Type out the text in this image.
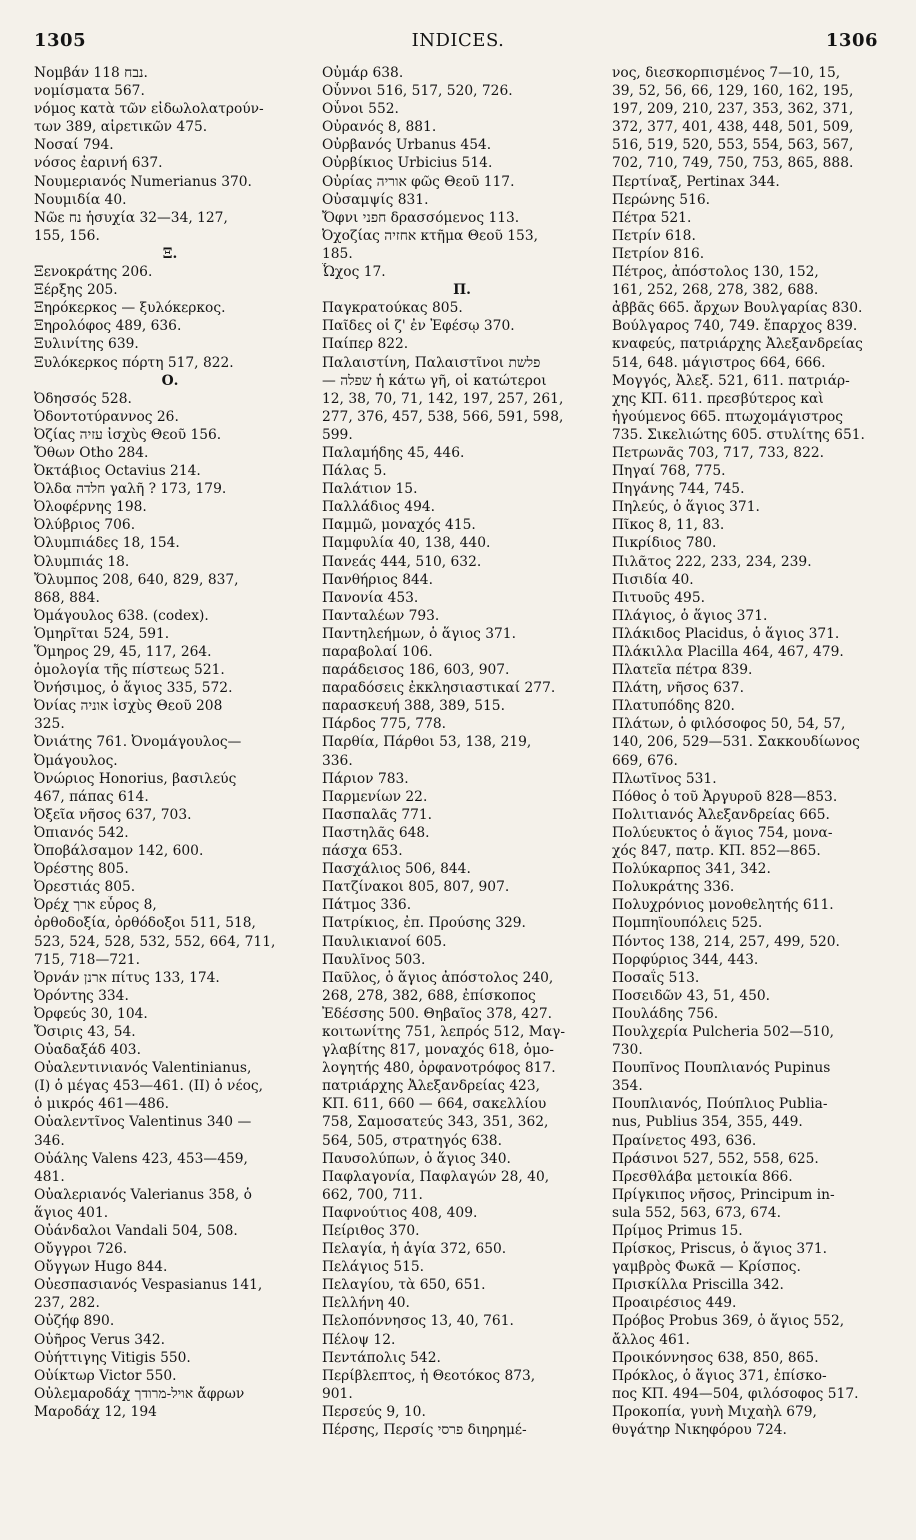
1305	INDICES.	1306
Νομβάν נבח 118.
νομίσματα 567.
νόμος κατὰ τῶν εἰδωλολατρούν-
των 389, αἱρετικῶν 475.
Νοσαί 794.
νόσος ἐαρινή 637.
Νουμεριανός Numerianus 370.
Νουμιδία 40.
Νῶε נח ἡσυχία 32—34, 127,
155, 156.
Ξ.
Ξενοκράτης 206.
Ξέρξης 205.
Ξηρόκερκος — ξυλόκερκος.
Ξηρολόφος 489, 636.
Ξυλινίτης 639.
Ξυλόκερκος πόρτη 517, 822.
Ο.
Ὀδησσός 528.
Ὀδοντοτύραννος 26.
Ὀζίας עזיה ἰσχὺς Θεοῦ 156.
Ὄθων Otho 284.
Ὀκτάβιος Octavius 214.
Ὀλδα חלדה γαλῆ ? 173, 179.
Ὀλοφέρνης 198.
Ὀλύβριος 706.
Ὀλυμπιάδες 18, 154.
Ὀλυμπιάς 18.
Ὄλυμπος 208, 640, 829, 837,
868, 884.
Ὀμάγουλος 638. (codex).
Ὁμηρῖται 524, 591.
Ὅμηρος 29, 45, 117, 264.
ὁμολογία τῆς πίστεως 521.
Ὀνήσιμος, ὁ ἅγιος 335, 572.
Ὀνίας אוניה ἰσχὺς Θεοῦ 208
325.
Ὀνιάτης 761. Ὀνομάγουλος—
Ὀμάγουλος.
Ὀνώριος Honorius, βασιλεύς
467, πάπας 614.
Ὀξεῖα νῆσος 637, 703.
Ὀπιανός 542.
Ὀποβάλσαμον 142, 600.
Ὀρέστης 805.
Ὀρεστιάς 805.
Ὀρέχ ארך εὖρος 8,
ὀρθοδοξία, ὀρθόδοξοι 511, 518,
523, 524, 528, 532, 552, 664, 711,
715, 718—721.
Ὀρνάν ארנן πίτυς 133, 174.
Ὀρόντης 334.
Ὀρφεύς 30, 104.
Ὄσιρις 43, 54.
Οὐαδαξάδ 403.
Οὐαλεντινιανός Valentinianus,
(I) ὁ μέγας 453—461. (II) ὁ νέος,
ὁ μικρός 461—486.
Οὐαλεντῖνος Valentinus 340 —
346.
Οὐάλης Valens 423, 453—459,
481.
Οὐαλεριανός Valerianus 358, ὁ
ἅγιος 401.
Οὐάνδαλοι Vandali 504, 508.
Οὔγγροι 726.
Οὔγγων Hugo 844.
Οὐεσπασιανός Vespasianus 141,
237, 282.
Οὐζήφ 890.
Οὐῆρος Verus 342.
Οὐήττιγης Vitigis 550.
Οὐίκτωρ Victor 550.
Οὐλεμαροδάχ אויל-מרודך ἄφρων
Μαροδάχ 12, 194
Οὐμάρ 638.
Οὖννοι 516, 517, 520, 726.
Οὖνοι 552.
Οὐρανός 8, 881.
Οὐρβανός Urbanus 454.
Οὐρβίκιος Urbicius 514.
Οὐρίας אוריה φῶς Θεοῦ 117.
Οὐσαμψίς 831.
Ὄφνι חפני δρασσόμενος 113.
Ὀχοζίας אחזיה κτῆμα Θεοῦ 153,
185.
Ὦχος 17.
Π.
Παγκρατούκας 805.
Παῖδες οἱ ζ' ἐν Ἐφέσῳ 370.
Παίπερ 822.
Παλαιστίνη, Παλαιστῖνοι פלשת
— שפלה ἡ κάτω γῆ, οἱ κατώτεροι
12, 38, 70, 71, 142, 197, 257, 261,
277, 376, 457, 538, 566, 591, 598,
599.
Παλαμήδης 45, 446.
Πάλας 5.
Παλάτιον 15.
Παλλάδιος 494.
Παμμῶ, μοναχός 415.
Παμφυλία 40, 138, 440.
Πανεάς 444, 510, 632.
Πανθήριος 844.
Πανονία 453.
Πανταλέων 793.
Παντηλεήμων, ὁ ἅγιος 371.
παραβολαί 106.
παράδεισος 186, 603, 907.
παραδόσεις ἐκκλησιαστικαί 277.
παρασκευή 388, 389, 515.
Πάρδος 775, 778.
Παρθία, Πάρθοι 53, 138, 219,
336.
Πάριον 783.
Παρμενίων 22.
Πασπαλᾶς 771.
Παστηλᾶς 648.
πάσχα 653.
Πασχάλιος 506, 844.
Πατζίνακοι 805, 807, 907.
Πάτμος 336.
Πατρίκιος, ἐπ. Προύσης 329.
Παυλικιανοί 605.
Παυλῖνος 503.
Παῦλος, ὁ ἅγιος ἀπόστολος 240,
268, 278, 382, 688, ἐπίσκοπος
Ἐδέσσης 500. Θηβαῖος 378, 427.
κοιτωνίτης 751, λεπρός 512, Μαγ-
γλαβίτης 817, μοναχός 618, ὁμο-
λογητής 480, ὀρφανοτρόφος 817.
πατριάρχης Ἀλεξανδρείας 423,
ΚΠ. 611, 660 — 664, σακελλίου
758, Σαμοσατεύς 343, 351, 362,
564, 505, στρατηγός 638.
Παυσολύπων, ὁ ἅγιος 340.
Παφλαγονία, Παφλαγών 28, 40,
662, 700, 711.
Παφνούτιος 408, 409.
Πείριθος 370.
Πελαγία, ἡ ἁγία 372, 650.
Πελάγιος 515.
Πελαγίου, τὰ 650, 651.
Πελλήνη 40.
Πελοπόννησος 13, 40, 761.
Πέλοψ 12.
Πεντάπολις 542.
Περίβλεπτος, ἡ Θεοτόκος 873,
901.
Περσεύς 9, 10.
Πέρσης, Περσίς פרסי διηρημέ-
νος, διεσκορπισμένος 7—10, 15,
39, 52, 56, 66, 129, 160, 162, 195,
197, 209, 210, 237, 353, 362, 371,
372, 377, 401, 438, 448, 501, 509,
516, 519, 520, 553, 554, 563, 567,
702, 710, 749, 750, 753, 865, 888.
Περτίναξ, Pertinax 344.
Περώνης 516.
Πέτρα 521.
Πετρίν 618.
Πετρίον 816.
Πέτρος, ἀπόστολος 130, 152,
161, 252, 268, 278, 382, 688.
ἀββᾶς 665. ἄρχων Βουλγαρίας 830.
Βούλγαρος 740, 749. ἔπαρχος 839.
κναφεύς, πατριάρχης Ἀλεξανδρείας
514, 648. μάγιστρος 664, 666.
Μογγός, Ἀλεξ. 521, 611. πατριάρ-
χης ΚΠ. 611. πρεσβύτερος καὶ
ἡγούμενος 665. πτωχομάγιστρος
735. Σικελιώτης 605. στυλίτης 651.
Πετρωνᾶς 703, 717, 733, 822.
Πηγαί 768, 775.
Πηγάνης 744, 745.
Πηλεύς, ὁ ἅγιος 371.
Πῖκος 8, 11, 83.
Πικρίδιος 780.
Πιλᾶτος 222, 233, 234, 239.
Πισιδία 40.
Πιτυοῦς 495.
Πλάγιος, ὁ ἅγιος 371.
Πλάκιδος Placidus, ὁ ἅγιος 371.
Πλάκιλλα Placilla 464, 467, 479.
Πλατεῖα πέτρα 839.
Πλάτη, νῆσος 637.
Πλατυπόδης 820.
Πλάτων, ὁ φιλόσοφος 50, 54, 57,
140, 206, 529—531. Σακκουδίωνος
669, 676.
Πλωτῖνος 531.
Πόθος ὁ τοῦ Ἀργυροῦ 828—853.
Πολιτιανός Ἀλεξανδρείας 665.
Πολύευκτος ὁ ἅγιος 754, μονα-
χός 847, πατρ. ΚΠ. 852—865.
Πολύκαρπος 341, 342.
Πολυκράτης 336.
Πολυχρόνιος μονοθελητής 611.
Πομπηϊουπόλεις 525.
Πόντος 138, 214, 257, 499, 520.
Πορφύριος 344, 443.
Ποσαΐς 513.
Ποσειδῶν 43, 51, 450.
Πουλάδης 756.
Πουλχερία Pulcheria 502—510,
730.
Πουπῖνος Πουπλιανός Pupinus
354.
Πουπλιανός, Πούπλιος Publia-
nus, Publius 354, 355, 449.
Πραίνετος 493, 636.
Πράσινοι 527, 552, 558, 625.
Πρεσθλάβα μετοικία 866.
Πρίγκιπος νῆσος, Principum in-
sula 552, 563, 673, 674.
Πρίμος Primus 15.
Πρίσκος, Priscus, ὁ ἅγιος 371.
γαμβρὸς Φωκᾶ — Κρίσπος.
Πρισκίλλα Priscilla 342.
Προαιρέσιος 449.
Πρόβος Probus 369, ὁ ἅγιος 552,
ἄλλος 461.
Προικόννησος 638, 850, 865.
Πρόκλος, ὁ ἅγιος 371, ἐπίσκο-
πος ΚΠ. 494—504, φιλόσοφος 517.
Προκοπία, γυνὴ Μιχαὴλ 679,
θυγάτηρ Νικηφόρου 724.
